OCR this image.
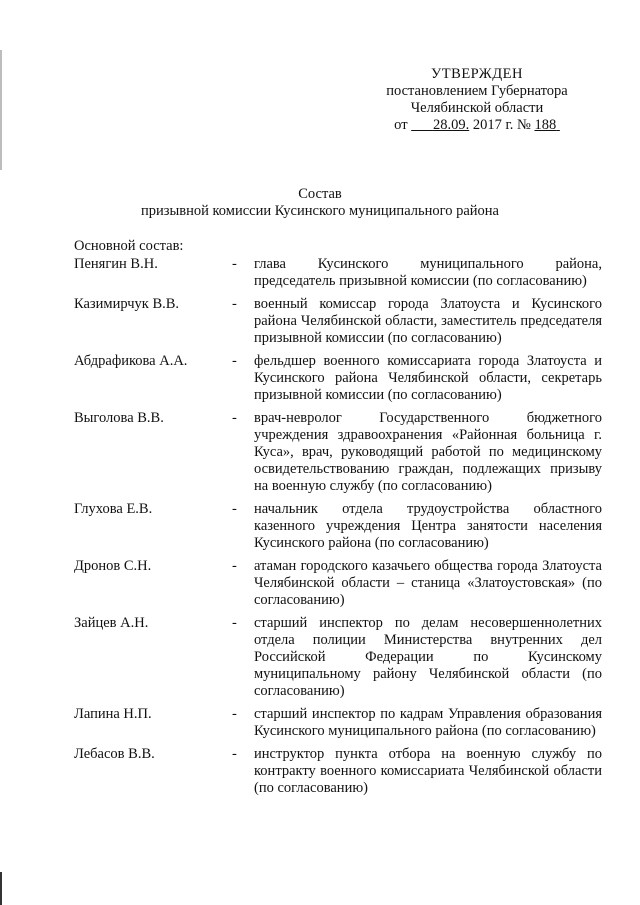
УТВЕРЖДЕН
постановлением Губернатора
Челябинской области
от 28.09. 2017 г. № 188
Состав
призывной комиссии Кусинского муниципального района
Основной состав:
Пенягин В.Н.	-	глава Кусинского муниципального района, председатель призывной комиссии (по согласованию)
Казимирчук В.В.	-	военный комиссар города Златоуста и Кусинского района Челябинской области, заместитель председателя призывной комиссии (по согласованию)
Абдрафикова А.А.	-	фельдшер военного комиссариата города Златоуста и Кусинского района Челябинской области, секретарь призывной комиссии (по согласованию)
Выголова В.В.	-	врач-невролог Государственного бюджетного учреждения здравоохранения «Районная больница г. Куса», врач, руководящий работой по медицинскому освидетельствованию граждан, подлежащих призыву на военную службу (по согласованию)
Глухова Е.В.	-	начальник отдела трудоустройства областного казенного учреждения Центра занятости населения Кусинского района (по согласованию)
Дронов С.Н.	-	атаман городского казачьего общества города Златоуста Челябинской области – станица «Златоустовская» (по согласованию)
Зайцев А.Н.	-	старший инспектор по делам несовершеннолетних отдела полиции Министерства внутренних дел Российской Федерации по Кусинскому муниципальному району Челябинской области (по согласованию)
Лапина Н.П.	-	старший инспектор по кадрам Управления образования Кусинского муниципального района (по согласованию)
Лебасов В.В.	-	инструктор пункта отбора на военную службу по контракту военного комиссариата Челябинской области (по согласованию)
